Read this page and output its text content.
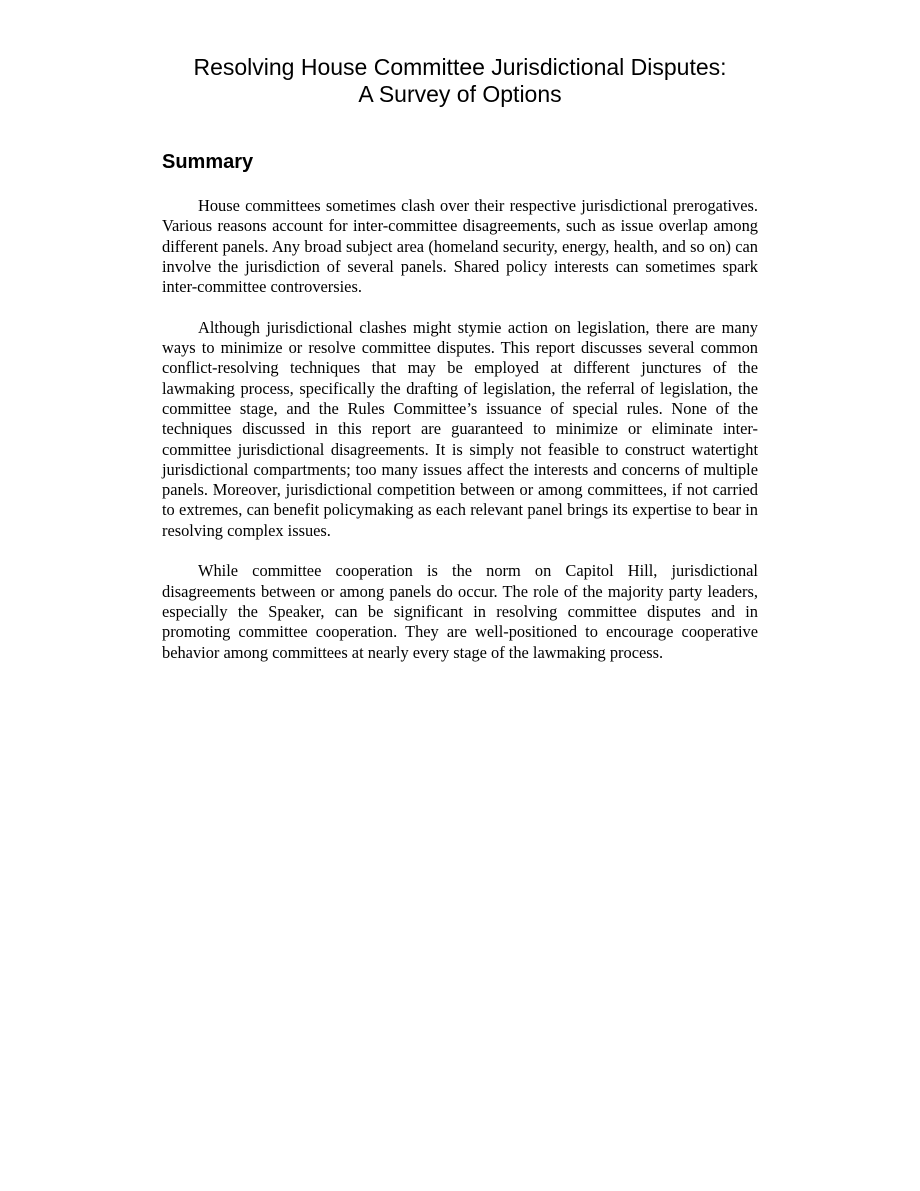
Resolving House Committee Jurisdictional Disputes:
A Survey of Options
Summary

House committees sometimes clash over their respective jurisdictional prerogatives. Various reasons account for inter-committee disagreements, such as issue overlap among different panels. Any broad subject area (homeland security, energy, health, and so on) can involve the jurisdiction of several panels. Shared policy interests can sometimes spark inter-committee controversies.

Although jurisdictional clashes might stymie action on legislation, there are many ways to minimize or resolve committee disputes. This report discusses several common conflict-resolving techniques that may be employed at different junctures of the lawmaking process, specifically the drafting of legislation, the referral of legislation, the committee stage, and the Rules Committee’s issuance of special rules. None of the techniques discussed in this report are guaranteed to minimize or eliminate inter-committee jurisdictional disagreements. It is simply not feasible to construct watertight jurisdictional compartments; too many issues affect the interests and concerns of multiple panels. Moreover, jurisdictional competition between or among committees, if not carried to extremes, can benefit policymaking as each relevant panel brings its expertise to bear in resolving complex issues.

While committee cooperation is the norm on Capitol Hill, jurisdictional disagreements between or among panels do occur. The role of the majority party leaders, especially the Speaker, can be significant in resolving committee disputes and in promoting committee cooperation. They are well-positioned to encourage cooperative behavior among committees at nearly every stage of the lawmaking process.
